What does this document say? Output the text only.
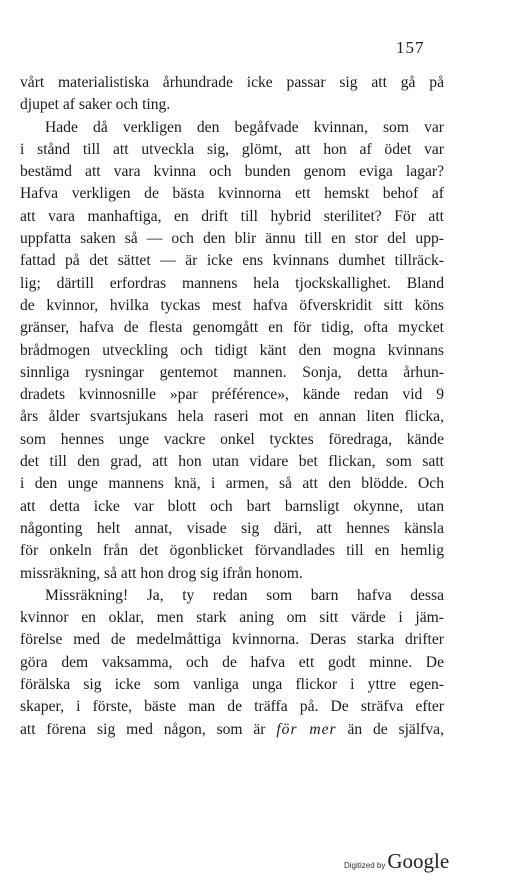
157
vårt materialistiska århundrade icke passar sig att gå på
djupet af saker och ting.
Hade då verkligen den begåfvade kvinnan, som var
i stånd till att utveckla sig, glömt, att hon af ödet var
bestämd att vara kvinna och bunden genom eviga lagar?
Hafva verkligen de bästa kvinnorna ett hemskt behof af
att vara manhaftiga, en drift till hybrid sterilitet? För att
uppfatta saken så — och den blir ännu till en stor del upp-
fattad på det sättet — är icke ens kvinnans dumhet tillräck-
lig; därtill erfordras mannens hela tjockskallighet. Bland
de kvinnor, hvilka tyckas mest hafva öfverskridit sitt köns
gränser, hafva de flesta genomgått en för tidig, ofta mycket
brådmogen utveckling och tidigt känt den mogna kvinnans
sinnliga rysningar gentemot mannen. Sonja, detta århun-
dradets kvinnosnille »par préférence», kände redan vid 9
års ålder svartsjukans hela raseri mot en annan liten flicka,
som hennes unge vackre onkel tycktes föredraga, kände
det till den grad, att hon utan vidare bet flickan, som satt
i den unge mannens knä, i armen, så att den blödde. Och
att detta icke var blott och bart barnsligt okynne, utan
någonting helt annat, visade sig däri, att hennes känsla
för onkeln från det ögonblicket förvandlades till en hemlig
missräkning, så att hon drog sig ifrån honom.
Missräkning! Ja, ty redan som barn hafva dessa
kvinnor en oklar, men stark aning om sitt värde i jäm-
förelse med de medelmåttiga kvinnorna. Deras starka drifter
göra dem vaksamma, och de hafva ett godt minne. De
förälska sig icke som vanliga unga flickor i yttre egen-
skaper, i förste, bäste man de träffa på. De sträfva efter
att förena sig med någon, som är för mer än de själfva,
Digitized by Google
